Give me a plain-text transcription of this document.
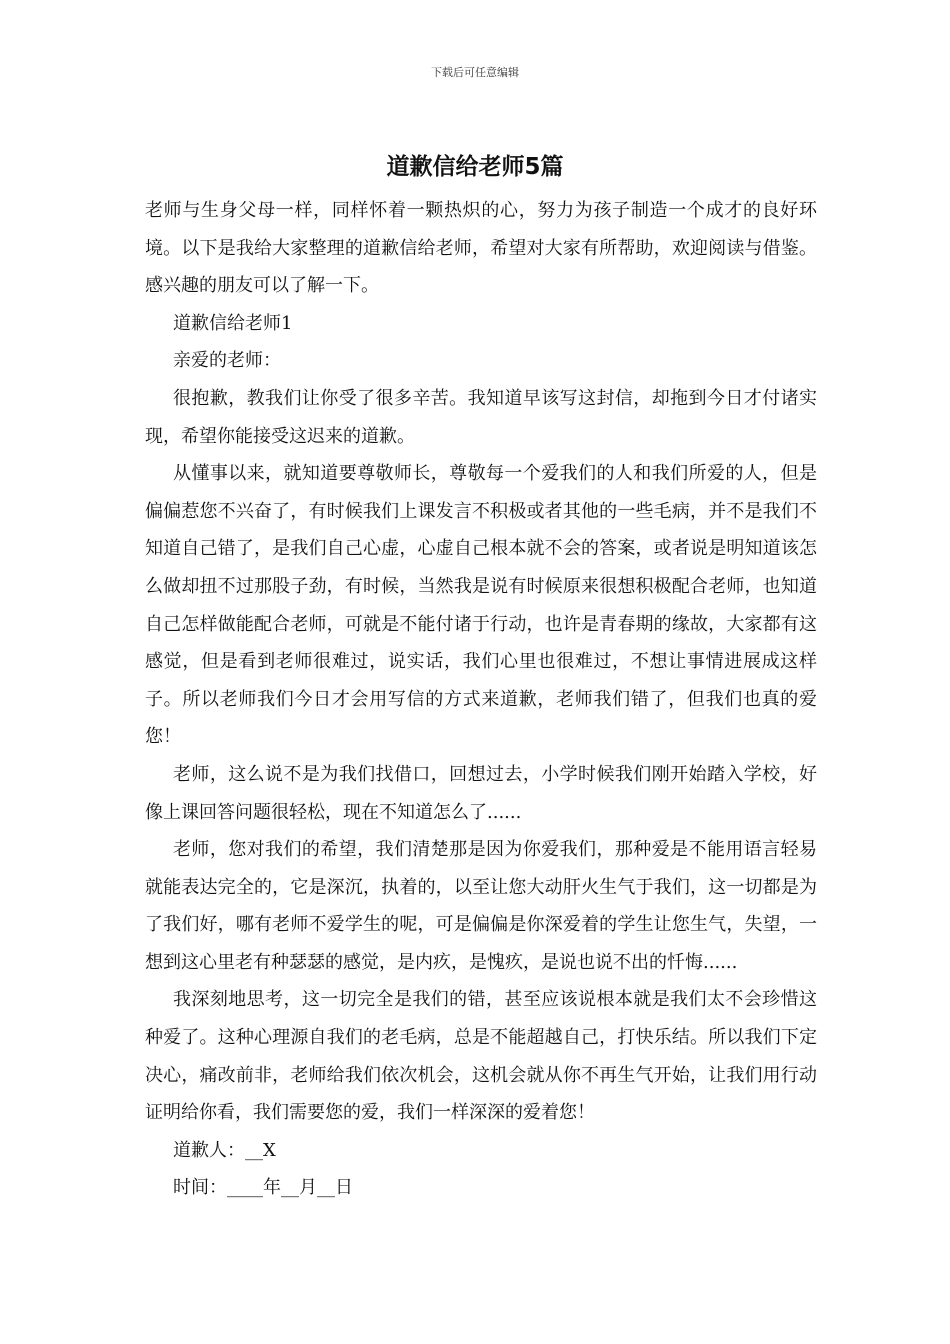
下载后可任意编辑
道歉信给老师5篇

老师与生身父母一样，同样怀着一颗热炽的心，努力为孩子制造一个成才的良好环境。以下是我给大家整理的道歉信给老师，希望对大家有所帮助，欢迎阅读与借鉴。感兴趣的朋友可以了解一下。

道歉信给老师1

亲爱的老师：

很抱歉，教我们让你受了很多辛苦。我知道早该写这封信，却拖到今日才付诸实现，希望你能接受这迟来的道歉。

从懂事以来，就知道要尊敬师长，尊敬每一个爱我们的人和我们所爱的人，但是偏偏惹您不兴奋了，有时候我们上课发言不积极或者其他的一些毛病，并不是我们不知道自己错了，是我们自己心虚，心虚自己根本就不会的答案，或者说是明知道该怎么做却扭不过那股子劲，有时候，当然我是说有时候原来很想积极配合老师，也知道自己怎样做能配合老师，可就是不能付诸于行动，也许是青春期的缘故，大家都有这感觉，但是看到老师很难过，说实话，我们心里也很难过，不想让事情进展成这样子。所以老师我们今日才会用写信的方式来道歉，老师我们错了，但我们也真的爱您！

老师，这么说不是为我们找借口，回想过去，小学时候我们刚开始踏入学校，好像上课回答问题很轻松，现在不知道怎么了......

老师，您对我们的希望，我们清楚那是因为你爱我们，那种爱是不能用语言轻易就能表达完全的，它是深沉，执着的，以至让您大动肝火生气于我们，这一切都是为了我们好，哪有老师不爱学生的呢，可是偏偏是你深爱着的学生让您生气，失望，一想到这心里老有种瑟瑟的感觉，是内疚，是愧疚，是说也说不出的忏悔......

我深刻地思考，这一切完全是我们的错，甚至应该说根本就是我们太不会珍惜这种爱了。这种心理源自我们的老毛病，总是不能超越自己，打快乐结。所以我们下定决心，痛改前非，老师给我们依次机会，这机会就从你不再生气开始，让我们用行动证明给你看，我们需要您的爱，我们一样深深的爱着您！

道歉人：__X

时间：____年__月__日
